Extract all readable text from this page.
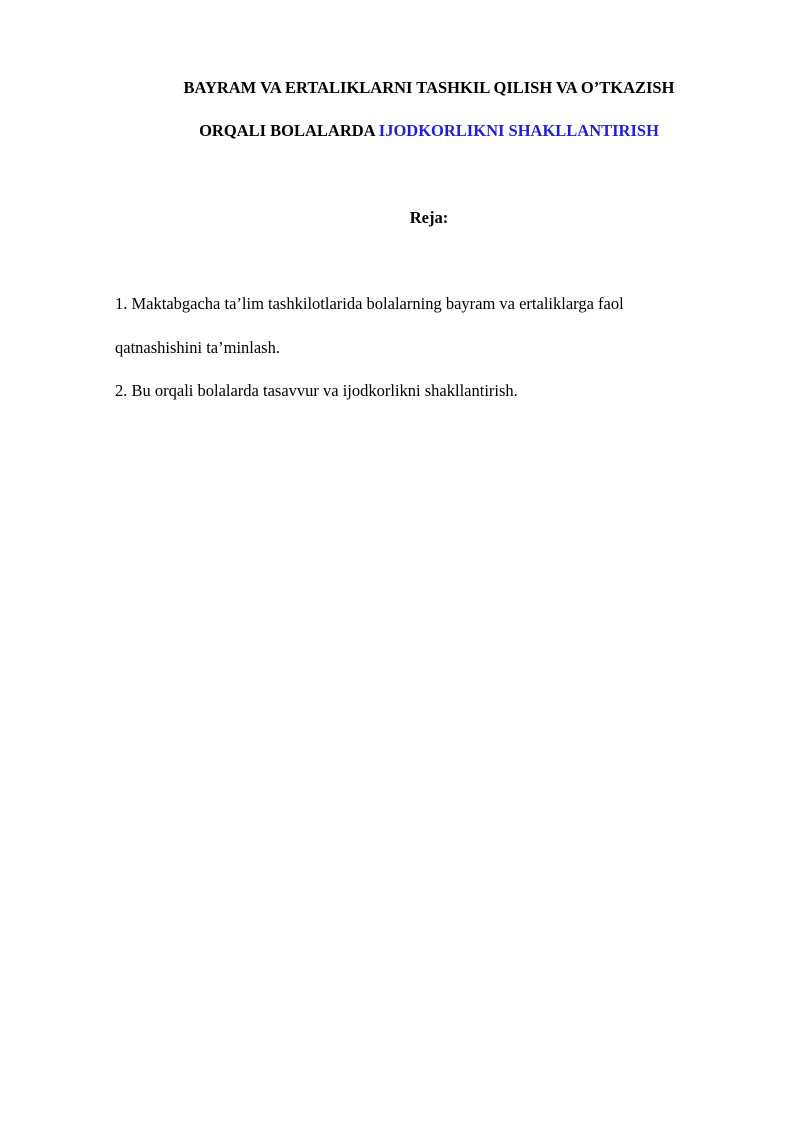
BAYRAM VA ERTALIKLARNI TASHKIL QILISH VA O’TKAZISH
ORQALI BOLALARDA IJODKORLIKNI SHAKLLANTIRISH
Reja:
1. Maktabgacha ta’lim tashkilotlarida bolalarning bayram va ertaliklarga faol
qatnashishini ta’minlash.
2. Bu orqali bolalarda tasavvur va ijodkorlikni shakllantirish.
